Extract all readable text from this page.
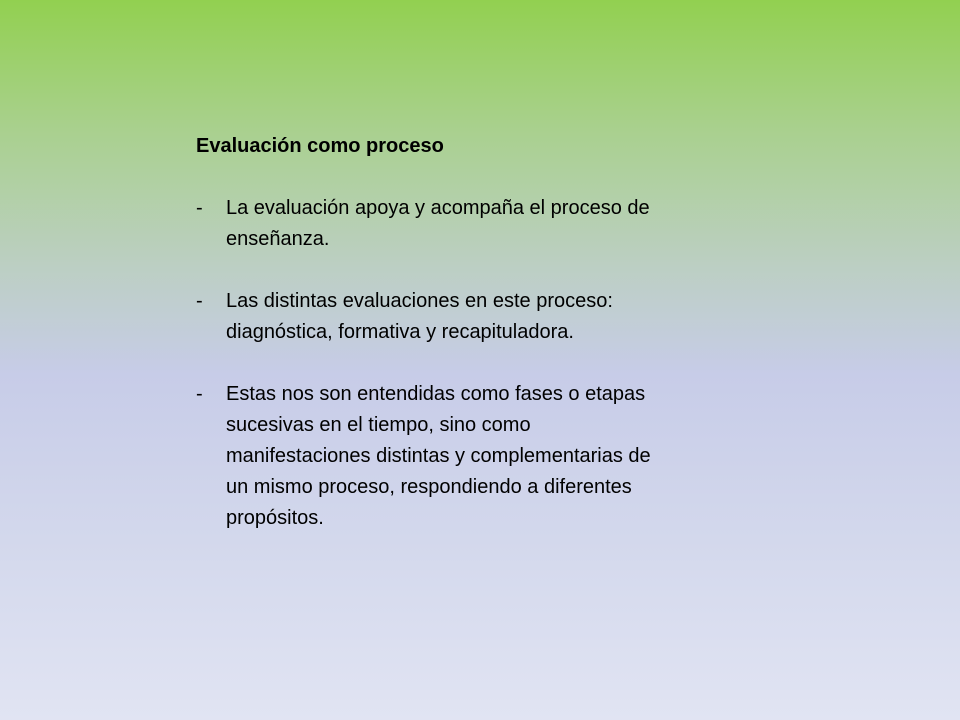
Evaluación como proceso
- La evaluación apoya y acompaña el proceso de
enseñanza.
- Las distintas evaluaciones en este proceso:
diagnóstica, formativa y recapituladora.
- Estas nos son entendidas como fases o etapas
sucesivas en el tiempo, sino como
manifestaciones distintas y complementarias de
un mismo proceso, respondiendo a diferentes
propósitos.
